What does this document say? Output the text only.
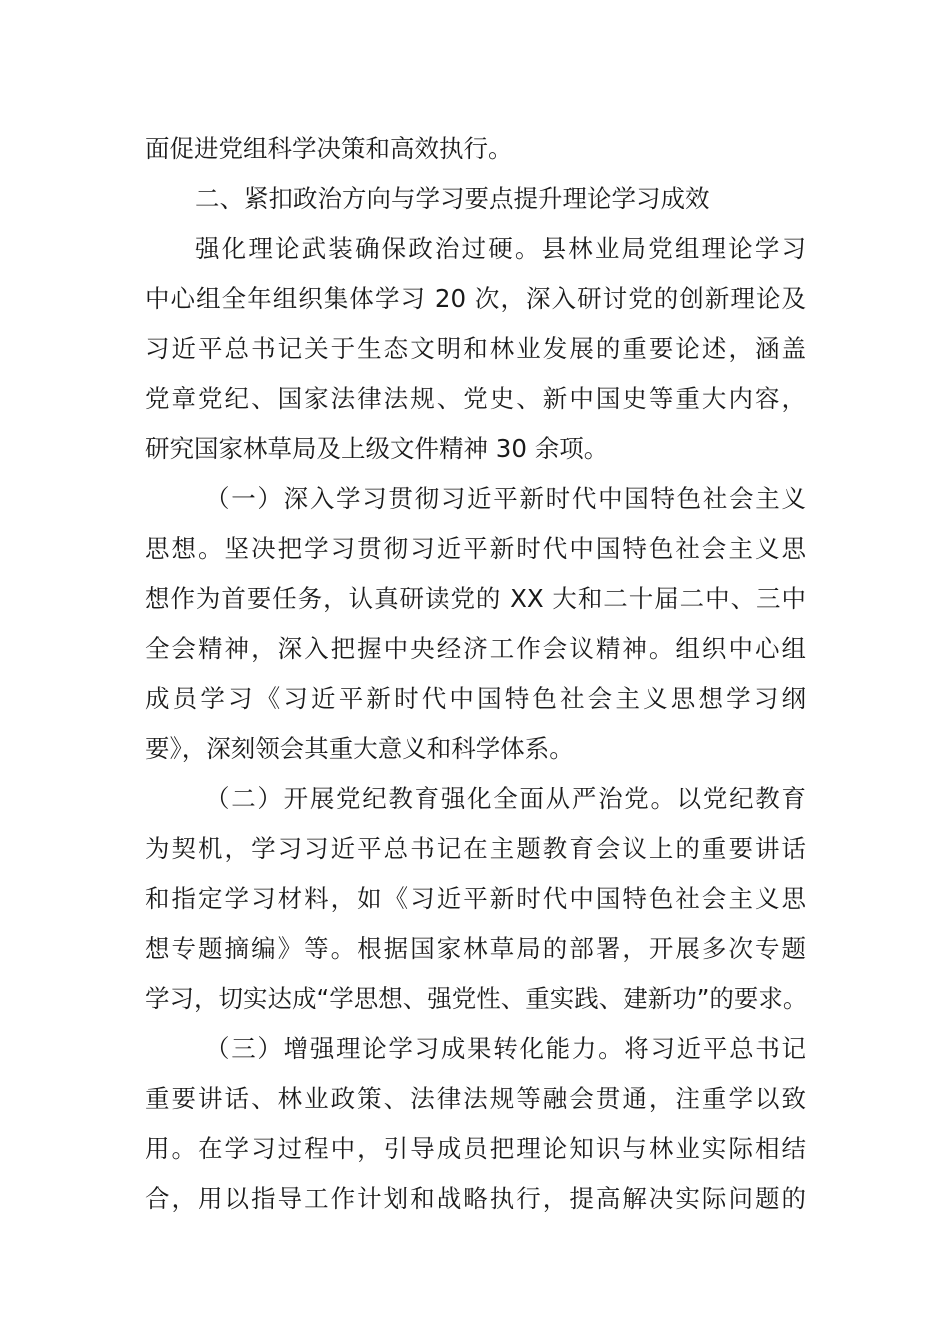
面促进党组科学决策和高效执行。
二、紧扣政治方向与学习要点提升理论学习成效
强化理论武装确保政治过硬。县林业局党组理论学习
中心组全年组织集体学习 20 次，深入研讨党的创新理论及
习近平总书记关于生态文明和林业发展的重要论述，涵盖
党章党纪、国家法律法规、党史、新中国史等重大内容，
研究国家林草局及上级文件精神 30 余项。
（一）深入学习贯彻习近平新时代中国特色社会主义
思想。坚决把学习贯彻习近平新时代中国特色社会主义思
想作为首要任务，认真研读党的 XX 大和二十届二中、三中
全会精神，深入把握中央经济工作会议精神。组织中心组
成员学习《习近平新时代中国特色社会主义思想学习纲
要》，深刻领会其重大意义和科学体系。
（二）开展党纪教育强化全面从严治党。以党纪教育
为契机，学习习近平总书记在主题教育会议上的重要讲话
和指定学习材料，如《习近平新时代中国特色社会主义思
想专题摘编》等。根据国家林草局的部署，开展多次专题
学习，切实达成“学思想、强党性、重实践、建新功”的要求。
（三）增强理论学习成果转化能力。将习近平总书记
重要讲话、林业政策、法律法规等融会贯通，注重学以致
用。在学习过程中，引导成员把理论知识与林业实际相结
合，用以指导工作计划和战略执行，提高解决实际问题的
